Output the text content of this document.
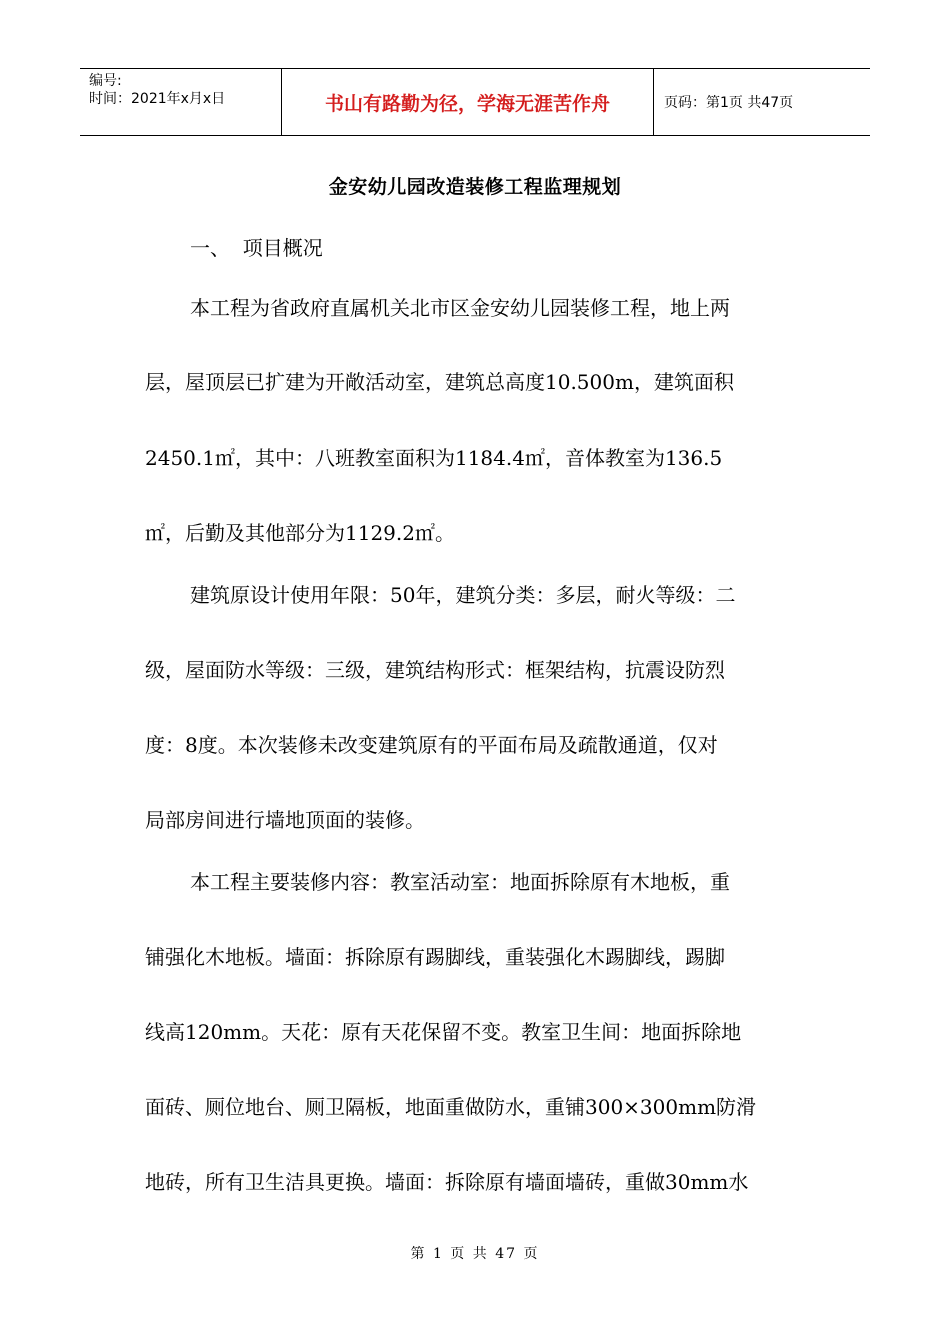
编号:
时间：2021年x月x日	书山有路勤为径，学海无涯苦作舟	页码：第1页 共47页
金安幼儿园改造装修工程监理规划
一、  项目概况
本工程为省政府直属机关北市区金安幼儿园装修工程，地上两
层，屋顶层已扩建为开敞活动室，建筑总高度10.500m，建筑面积
2450.1㎡，其中：八班教室面积为1184.4㎡，音体教室为136.5
㎡，后勤及其他部分为1129.2㎡。
建筑原设计使用年限：50年，建筑分类：多层，耐火等级：二
级，屋面防水等级：三级，建筑结构形式：框架结构，抗震设防烈
度：8度。本次装修未改变建筑原有的平面布局及疏散通道，仅对
局部房间进行墙地顶面的装修。
本工程主要装修内容：教室活动室：地面拆除原有木地板，重
铺强化木地板。墙面：拆除原有踢脚线，重装强化木踢脚线，踢脚
线高120mm。天花：原有天花保留不变。教室卫生间：地面拆除地
面砖、厕位地台、厕卫隔板，地面重做防水，重铺300×300mm防滑
地砖，所有卫生洁具更换。墙面：拆除原有墙面墙砖，重做30mm水
第 1 页 共 47 页
